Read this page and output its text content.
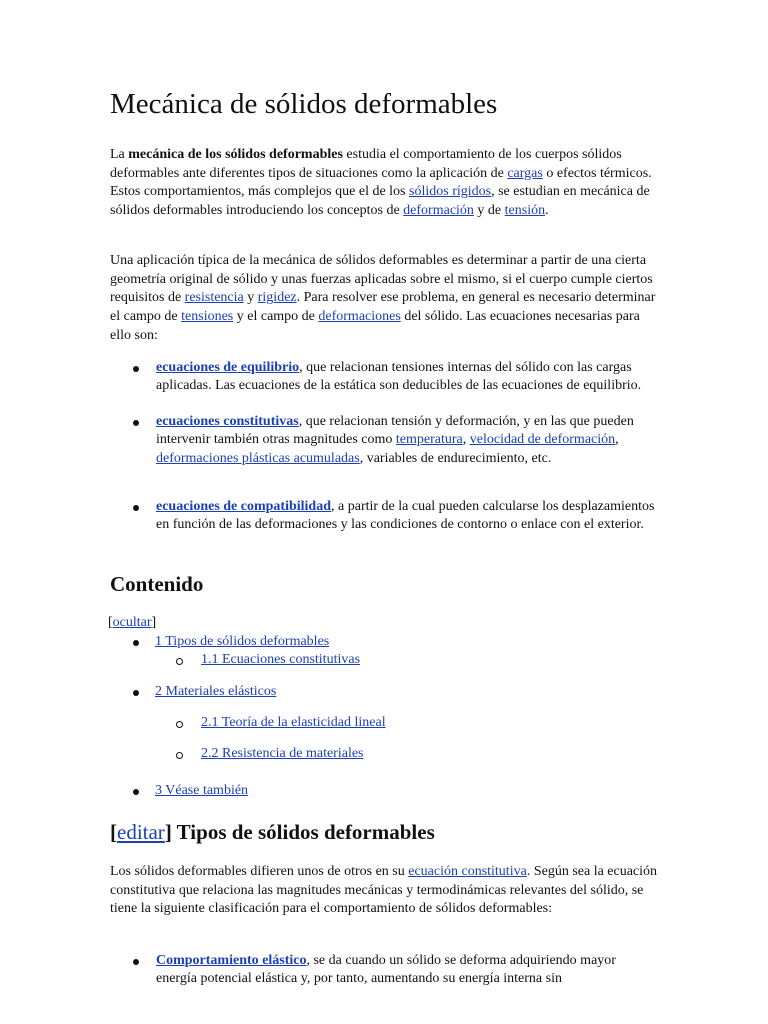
Mecánica de sólidos deformables

La mecánica de los sólidos deformables estudia el comportamiento de los cuerpos sólidos deformables ante diferentes tipos de situaciones como la aplicación de cargas o efectos térmicos. Estos comportamientos, más complejos que el de los sólidos rígidos, se estudian en mecánica de sólidos deformables introduciendo los conceptos de deformación y de tensión.

Una aplicación típica de la mecánica de sólidos deformables es determinar a partir de una cierta geometría original de sólido y unas fuerzas aplicadas sobre el mismo, si el cuerpo cumple ciertos requisitos de resistencia y rigidez. Para resolver ese problema, en general es necesario determinar el campo de tensiones y el campo de deformaciones del sólido. Las ecuaciones necesarias para ello son:

ecuaciones de equilibrio, que relacionan tensiones internas del sólido con las cargas aplicadas. Las ecuaciones de la estática son deducibles de las ecuaciones de equilibrio.

ecuaciones constitutivas, que relacionan tensión y deformación, y en las que pueden intervenir también otras magnitudes como temperatura, velocidad de deformación, deformaciones plásticas acumuladas, variables de endurecimiento, etc.

ecuaciones de compatibilidad, a partir de la cual pueden calcularse los desplazamientos en función de las deformaciones y las condiciones de contorno o enlace con el exterior.

Contenido

[ocultar]

1 Tipos de sólidos deformables

1.1 Ecuaciones constitutivas

2 Materiales elásticos

2.1 Teoría de la elasticidad lineal

2.2 Resistencia de materiales

3 Véase también

[editar] Tipos de sólidos deformables

Los sólidos deformables difieren unos de otros en su ecuación constitutiva. Según sea la ecuación constitutiva que relaciona las magnitudes mecánicas y termodinámicas relevantes del sólido, se tiene la siguiente clasificación para el comportamiento de sólidos deformables:

Comportamiento elástico, se da cuando un sólido se deforma adquiriendo mayor energía potencial elástica y, por tanto, aumentando su energía interna sin
